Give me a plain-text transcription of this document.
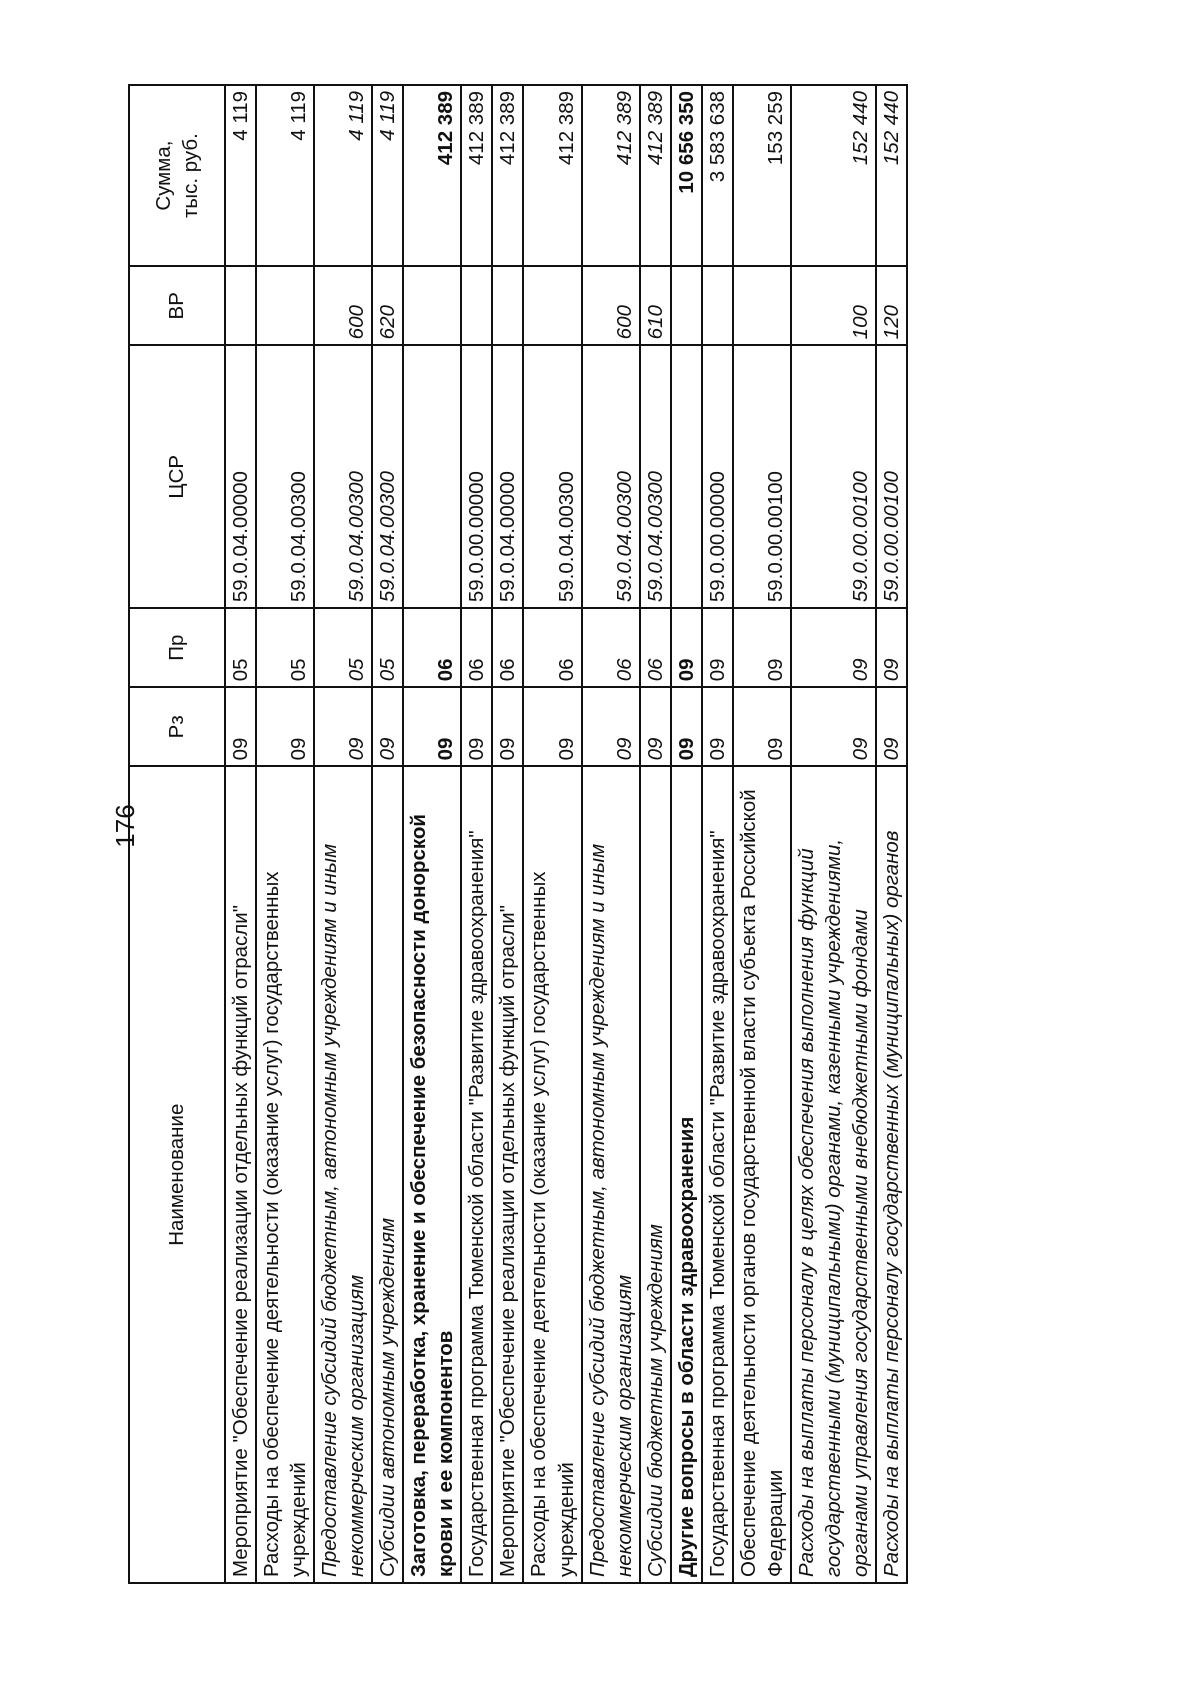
176
Наименование	Рз	Пр	ЦСР	ВР	Сумма, тыс. руб.

Мероприятие "Обеспечение реализации отдельных функций отрасли"	09	05	59.0.04.00000		4 119
Расходы на обеспечение деятельности (оказание услуг) государственных учреждений	09	05	59.0.04.00300		4 119
Предоставление субсидий бюджетным, автономным учреждениям и иным некоммерческим организациям	09	05	59.0.04.00300	600	4 119
Субсидии автономным учреждениям	09	05	59.0.04.00300	620	4 119
Заготовка, переработка, хранение и обеспечение безопасности донорской крови и ее компонентов	09	06			412 389
Государственная программа Тюменской области "Развитие здравоохранения"	09	06	59.0.00.00000		412 389
Мероприятие "Обеспечение реализации отдельных функций отрасли"	09	06	59.0.04.00000		412 389
Расходы на обеспечение деятельности (оказание услуг) государственных учреждений	09	06	59.0.04.00300		412 389
Предоставление субсидий бюджетным, автономным учреждениям и иным некоммерческим организациям	09	06	59.0.04.00300	600	412 389
Субсидии бюджетным учреждениям	09	06	59.0.04.00300	610	412 389
Другие вопросы в области здравоохранения	09	09			10 656 350
Государственная программа Тюменской области "Развитие здравоохранения"	09	09	59.0.00.00000		3 583 638
Обеспечение деятельности органов государственной власти субъекта Российской Федерации	09	09	59.0.00.00100		153 259
Расходы на выплаты персоналу в целях обеспечения выполнения функций государственными (муниципальными) органами, казенными учреждениями, органами управления государственными внебюджетными фондами	09	09	59.0.00.00100	100	152 440
Расходы на выплаты персоналу государственных (муниципальных) органов	09	09	59.0.00.00100	120	152 440
